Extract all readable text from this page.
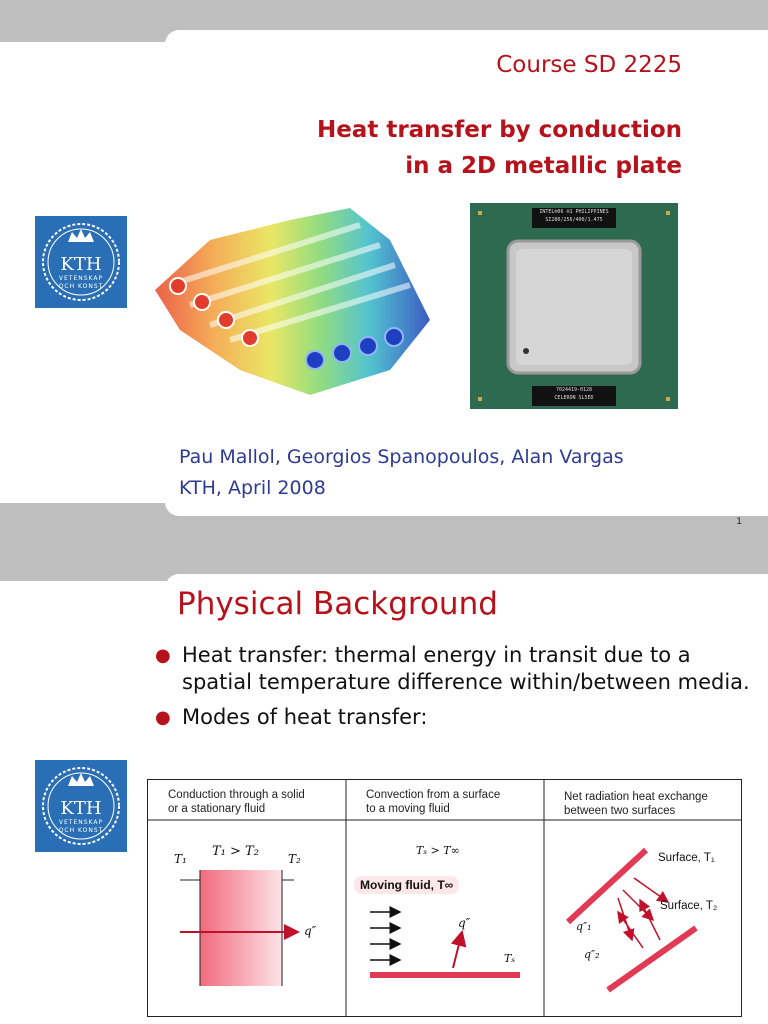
Course SD 2225
Heat transfer by conduction
in a 2D metallic plate
KTH
VETENSKAP
OCH KONST
INTEL®06 ®1 PHILIPPINES
SI280/256/400/1.475
7024419-0128
CELERON SL5ED
Pau Mallol, Georgios Spanopoulos, Alan Vargas
KTH, April 2008
1
Physical Background
● Heat transfer: thermal energy in transit due to a spatial temperature difference within/between media.
● Modes of heat transfer:
KTH
VETENSKAP
OCH KONST
Conduction through a solid
or a stationary fluid
Convection from a surface
to a moving fluid
Net radiation heat exchange
between two surfaces
T₁ > T₂
T₁	T₂
q″
Tₛ > T∞
Moving fluid, T∞
q″
Tₛ
Surface, T₁
Surface, T₂
q″₁
q″₂
